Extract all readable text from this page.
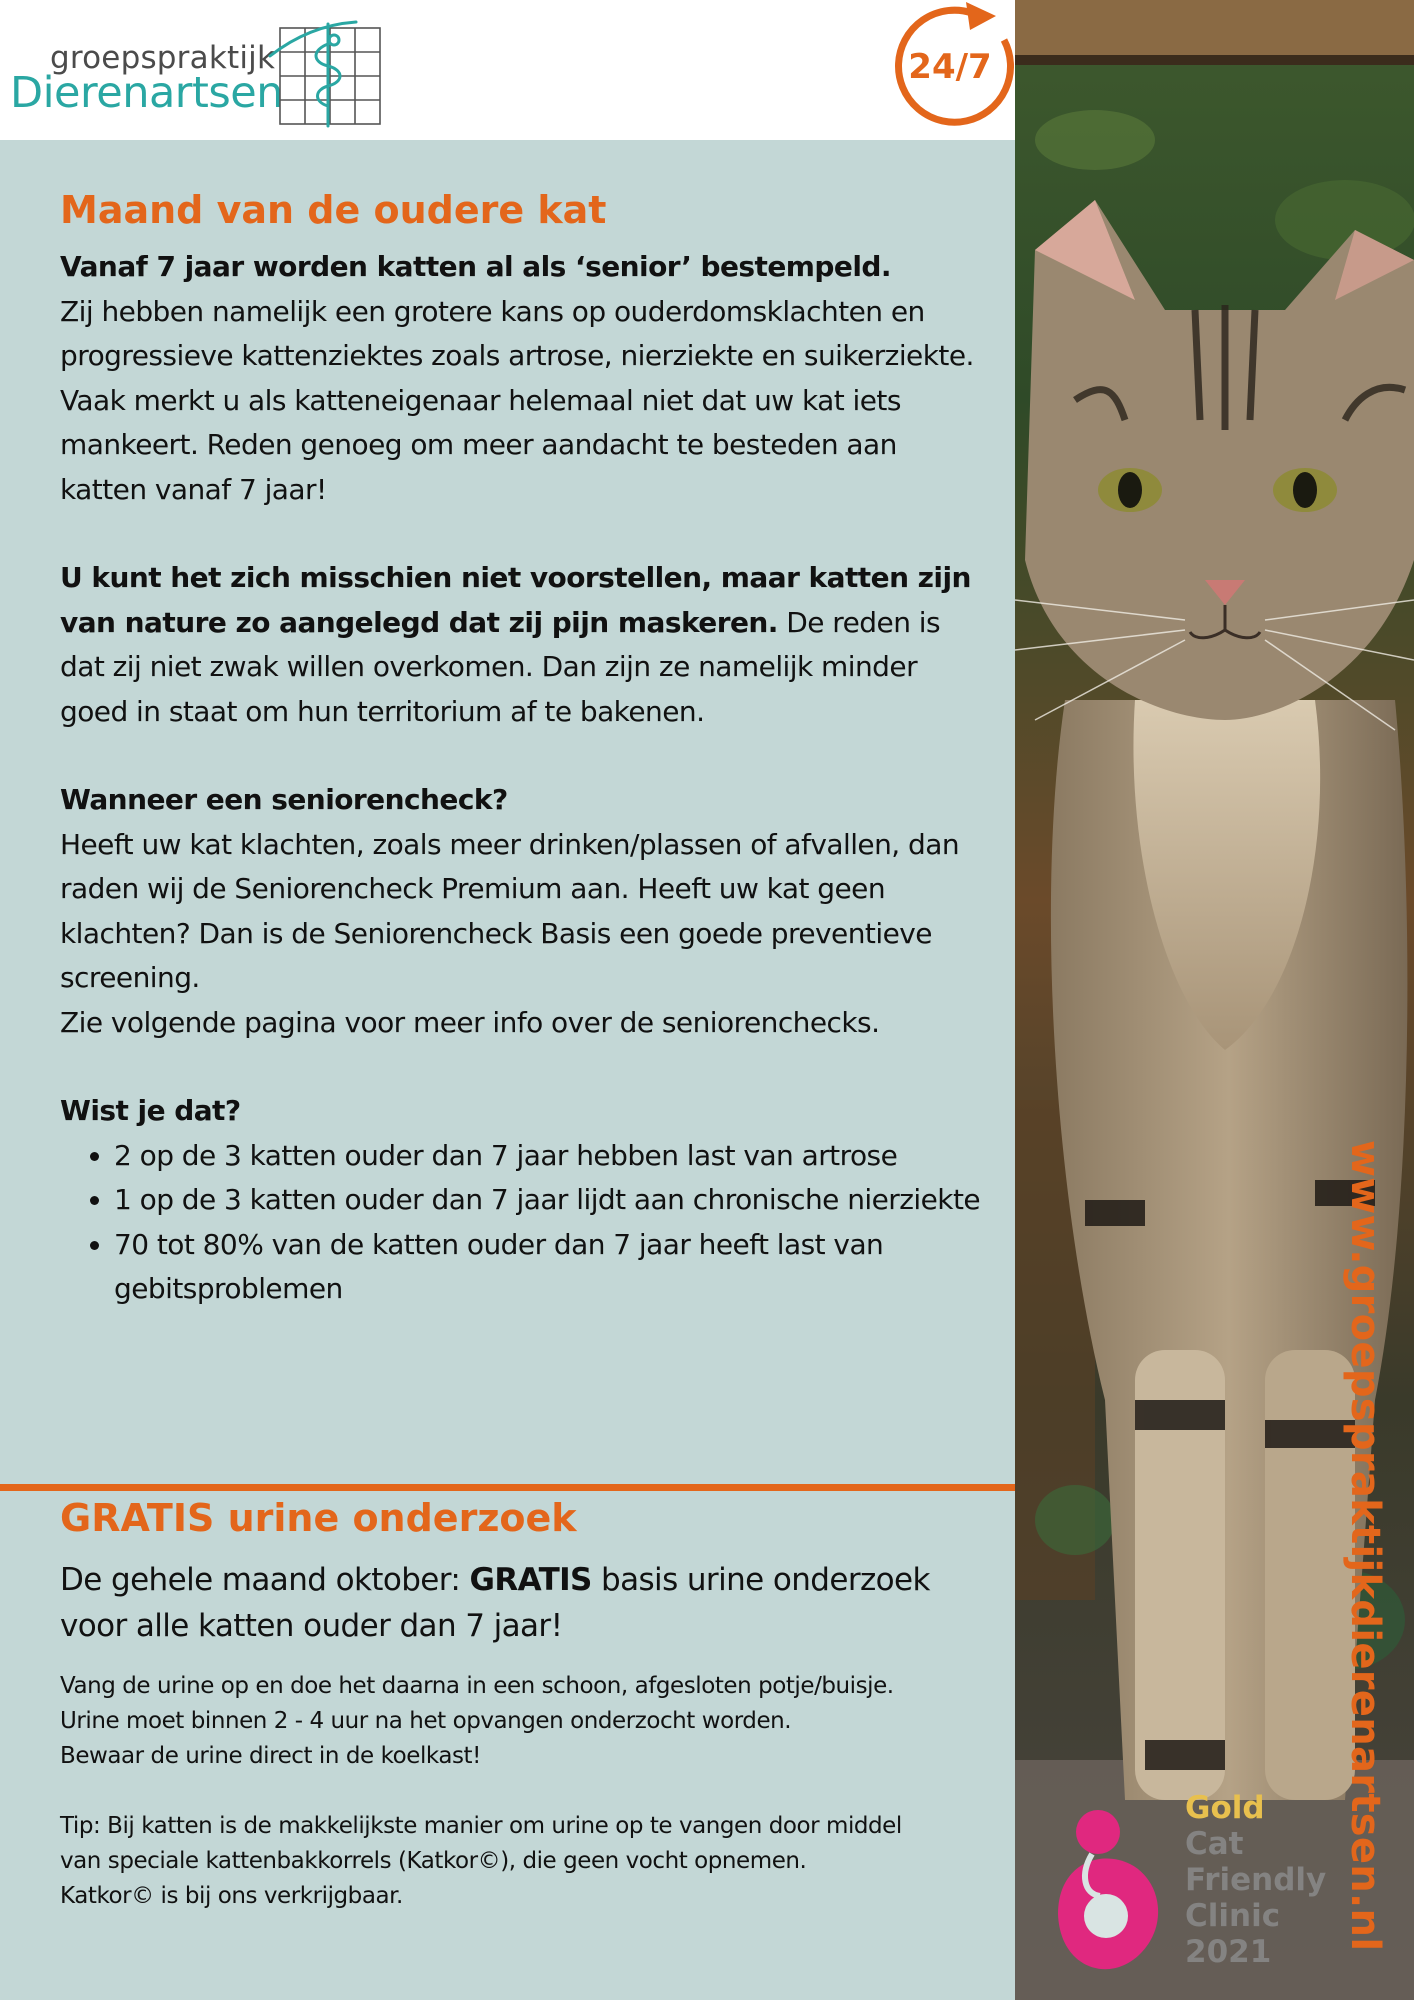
groepspraktijk
Dierenartsen
24/7
Maand van de oudere kat

Vanaf 7 jaar worden katten al als ‘senior’ bestempeld.
Zij hebben namelijk een grotere kans op ouderdomsklachten en progressieve kattenziektes zoals artrose, nierziekte en suikerziekte. Vaak merkt u als katteneigenaar helemaal niet dat uw kat iets mankeert. Reden genoeg om meer aandacht te besteden aan katten vanaf 7 jaar!

U kunt het zich misschien niet voorstellen, maar katten zijn van nature zo aangelegd dat zij pijn maskeren. De reden is dat zij niet zwak willen overkomen. Dan zijn ze namelijk minder goed in staat om hun territorium af te bakenen.

Wanneer een seniorencheck?
Heeft uw kat klachten, zoals meer drinken/plassen of afvallen, dan raden wij de Seniorencheck Premium aan. Heeft uw kat geen klachten? Dan is de Seniorencheck Basis een goede preventieve screening.
Zie volgende pagina voor meer info over de seniorenchecks.

Wist je dat?

• 2 op de 3 katten ouder dan 7 jaar hebben last van artrose
• 1 op de 3 katten ouder dan 7 jaar lijdt aan chronische nierziekte
• 70 tot 80% van de katten ouder dan 7 jaar heeft last van gebitsproblemen
GRATIS urine onderzoek

De gehele maand oktober: GRATIS basis urine onderzoek voor alle katten ouder dan 7 jaar!

Vang de urine op en doe het daarna in een schoon, afgesloten potje/buisje.
Urine moet binnen 2 - 4 uur na het opvangen onderzocht worden.
Bewaar de urine direct in de koelkast!

Tip: Bij katten is de makkelijkste manier om urine op te vangen door middel
van speciale kattenbakkorrels (Katkor©), die geen vocht opnemen.
Katkor© is bij ons verkrijgbaar.	www.groepspraktijkdierenartsen.nl
Gold
Cat
Friendly
Clinic
2021
